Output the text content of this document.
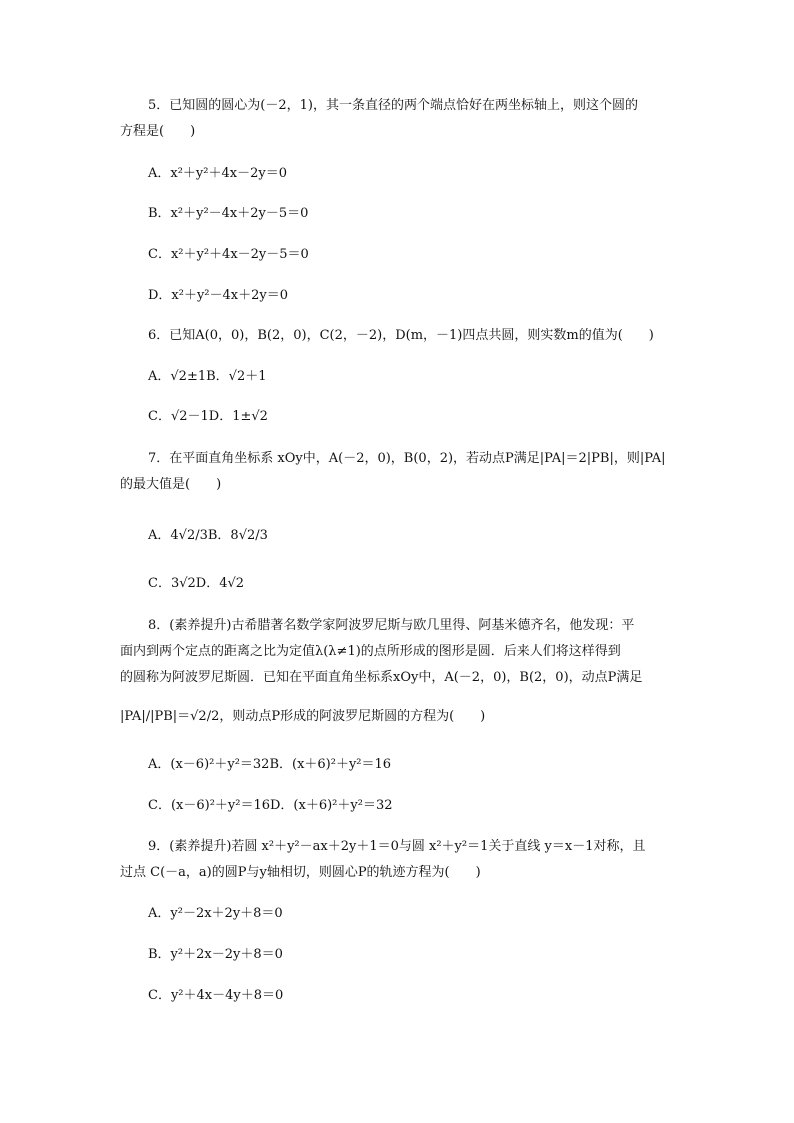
5．已知圆的圆心为(－2，1)，其一条直径的两个端点恰好在两坐标轴上，则这个圆的
方程是(　　)
A．x²＋y²＋4x－2y＝0
B．x²＋y²－4x＋2y－5＝0
C．x²＋y²＋4x－2y－5＝0
D．x²＋y²－4x＋2y＝0
6．已知A(0，0)，B(2，0)，C(2，－2)，D(m，－1)四点共圆，则实数m的值为(　　)
A．√2±1B．√2＋1
C．√2－1D．1±√2
7．在平面直角坐标系 xOy中，A(－2，0)，B(0，2)，若动点P满足|PA|＝2|PB|，则|PA|
的最大值是(　　)
A．4√2/3B．8√2/3
C．3√2D．4√2
8．(素养提升)古希腊著名数学家阿波罗尼斯与欧几里得、阿基米德齐名，他发现：平
面内到两个定点的距离之比为定值λ(λ≠1)的点所形成的图形是圆．后来人们将这样得到
的圆称为阿波罗尼斯圆．已知在平面直角坐标系xOy中，A(－2，0)，B(2，0)，动点P满足
|PA|/|PB|＝√2/2，则动点P形成的阿波罗尼斯圆的方程为(　　)
A．(x－6)²＋y²＝32B．(x＋6)²＋y²＝16
C．(x－6)²＋y²＝16D．(x＋6)²＋y²＝32
9．(素养提升)若圆 x²＋y²－ax＋2y＋1＝0与圆 x²＋y²＝1关于直线 y＝x－1对称，且
过点 C(－a，a)的圆P与y轴相切，则圆心P的轨迹方程为(　　)
A．y²－2x＋2y＋8＝0
B．y²＋2x－2y＋8＝0
C．y²＋4x－4y＋8＝0
